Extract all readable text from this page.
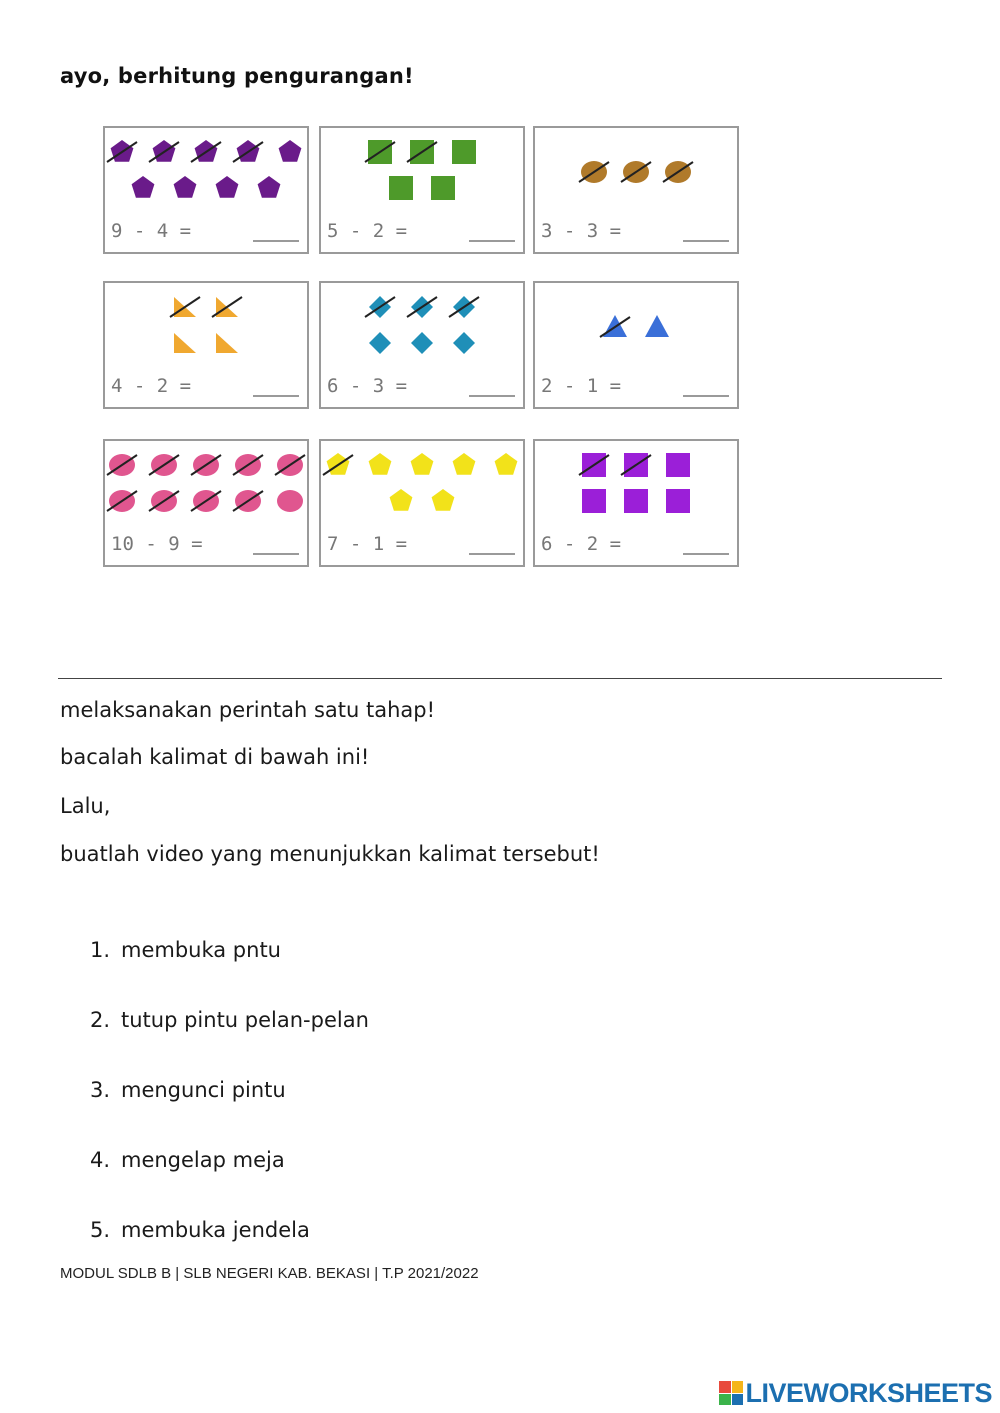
ayo, berhitung pengurangan!
9 - 4 =	5 - 2 =	3 - 3 =
4 - 2 =	6 - 3 =	2 - 1 =
10 - 9 =	7 - 1 =	6 - 2 =
melaksanakan perintah satu tahap!
bacalah kalimat di bawah ini!
Lalu,
buatlah video yang menunjukkan kalimat tersebut!
1. membuka pntu
2. tutup pintu pelan-pelan
3. mengunci pintu
4. mengelap meja
5. membuka jendela
MODUL SDLB B | SLB NEGERI KAB. BEKASI | T.P 2021/2022
LIVEWORKSHEETS
